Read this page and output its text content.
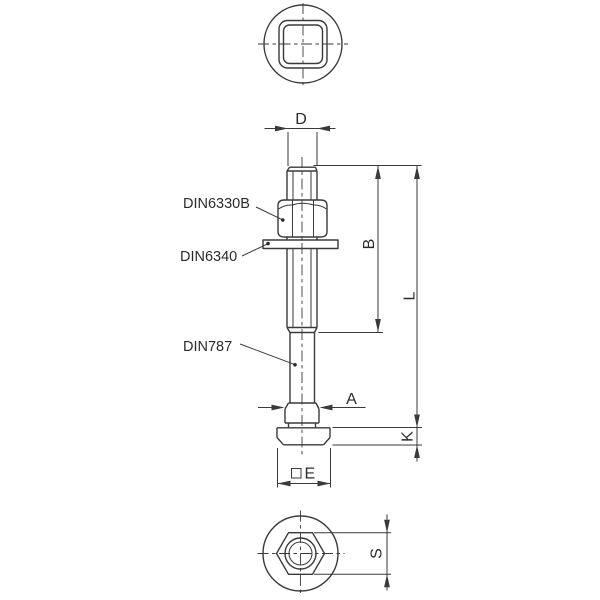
DIN6330B
DIN6340
DIN787
D
B
L
K
A
E
S
